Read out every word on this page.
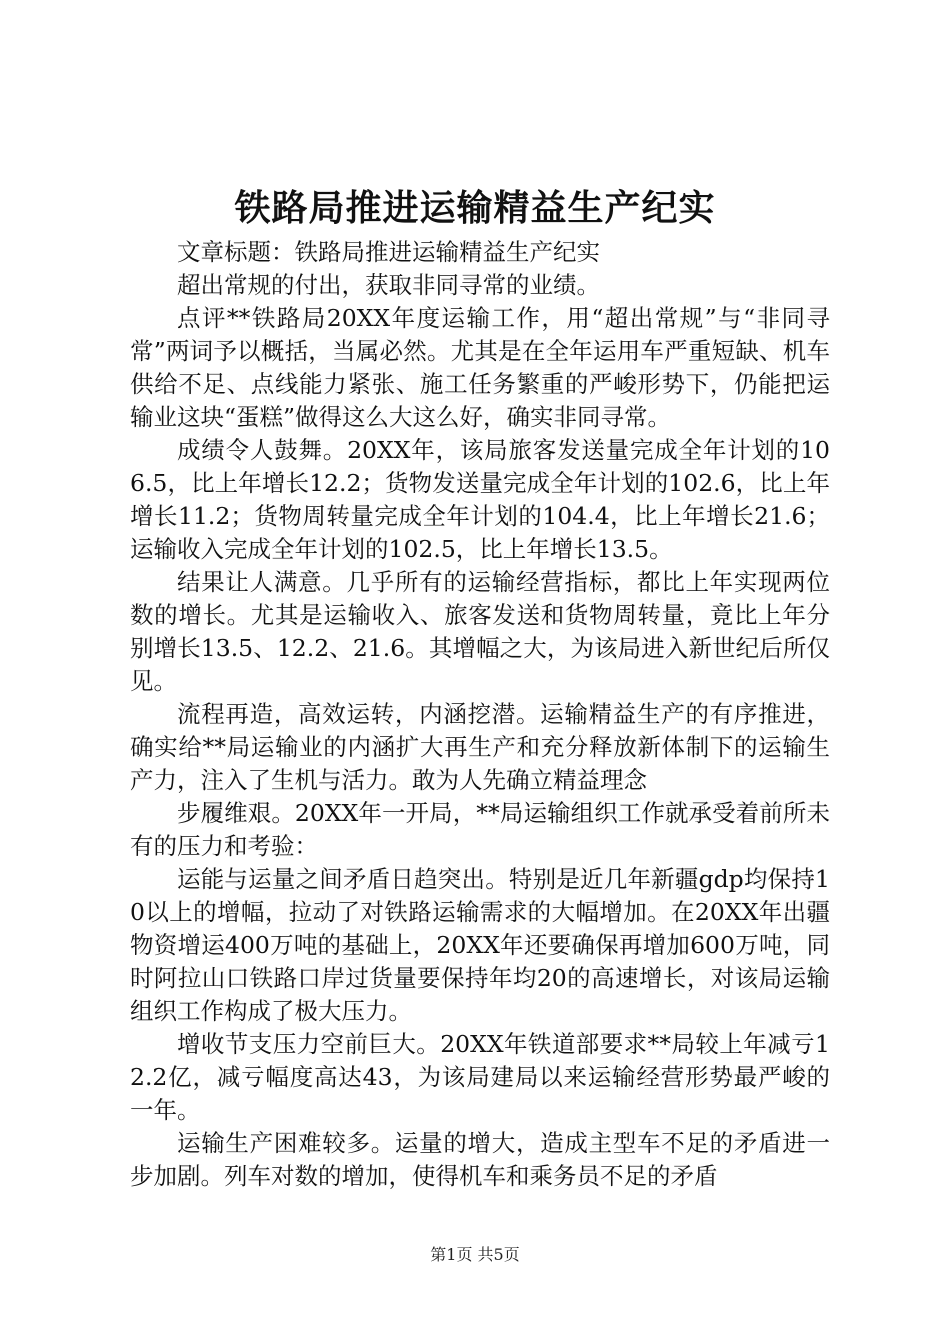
铁路局推进运输精益生产纪实

文章标题：铁路局推进运输精益生产纪实

超出常规的付出，获取非同寻常的业绩。

点评**铁路局20XX年度运输工作，用“超出常规”与“非同寻常”两词予以概括，当属必然。尤其是在全年运用车严重短缺、机车供给不足、点线能力紧张、施工任务繁重的严峻形势下，仍能把运输业这块“蛋糕”做得这么大这么好，确实非同寻常。

成绩令人鼓舞。20XX年，该局旅客发送量完成全年计划的106.5，比上年增长12.2；货物发送量完成全年计划的102.6，比上年增长11.2；货物周转量完成全年计划的104.4，比上年增长21.6；运输收入完成全年计划的102.5，比上年增长13.5。

结果让人满意。几乎所有的运输经营指标，都比上年实现两位数的增长。尤其是运输收入、旅客发送和货物周转量，竟比上年分别增长13.5、12.2、21.6。其增幅之大，为该局进入新世纪后所仅见。

流程再造，高效运转，内涵挖潜。运输精益生产的有序推进，确实给**局运输业的内涵扩大再生产和充分释放新体制下的运输生产力，注入了生机与活力。敢为人先确立精益理念

步履维艰。20XX年一开局，**局运输组织工作就承受着前所未有的压力和考验：

运能与运量之间矛盾日趋突出。特别是近几年新疆gdp均保持10以上的增幅，拉动了对铁路运输需求的大幅增加。在20XX年出疆物资增运400万吨的基础上，20XX年还要确保再增加600万吨，同时阿拉山口铁路口岸过货量要保持年均20的高速增长，对该局运输组织工作构成了极大压力。

增收节支压力空前巨大。20XX年铁道部要求**局较上年减亏12.2亿，减亏幅度高达43，为该局建局以来运输经营形势最严峻的一年。

运输生产困难较多。运量的增大，造成主型车不足的矛盾进一步加剧。列车对数的增加，使得机车和乘务员不足的矛盾

第1页 共5页
